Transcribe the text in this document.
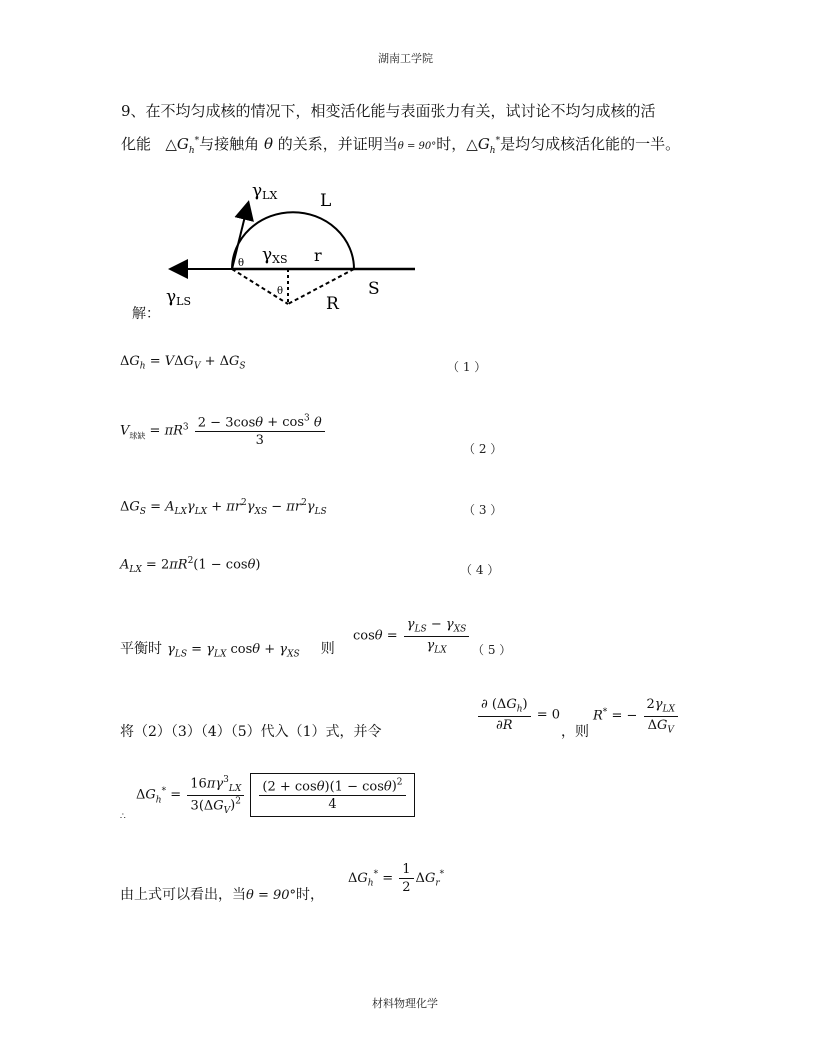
湖南工学院
9、在不均匀成核的情况下，相变活化能与表面张力有关，试讨论不均匀成核的活
化能   $\triangle G_h^*$与接触角 θ 的关系，并证明当θ = 90°时，$\triangle G_h^*$是均匀成核活化能的一半。
γLX	L
γXS r
θ
θ	S
R
γLS
解：
$\Delta G_h = V\Delta G_V + \Delta G_S$	（ 1 ）
$V_{球缺} = \pi R^3 \frac{2 - 3\cos\theta + \cos^3 \theta}{3}$
（ 2 ）
$\Delta G_S = A_{LX}\gamma_{LX} + \pi r^2\gamma_{XS} - \pi r^2\gamma_{LS}$	（ 3 ）
$A_{LX} = 2\pi R^2(1 - \cos\theta)$	（ 4 ）
平衡时 $\gamma_{LS} = \gamma_{LX}$ $\cos\theta + \gamma_{XS}$ 则
$\cos\theta = \frac{\gamma_{LS} - \gamma_{XS}}{\gamma_{LX}}$ （ 5 ）
将（2）（3）（4）（5）代入（1）式，并令	$\frac{\partial (\Delta G_h)}{\partial R} = 0$
，则
R* = − $\frac{2\gamma_{LX}}{\Delta G_V}$
$\Delta G_h^* = \frac{16\pi\gamma^3_{LX}}{3(\Delta G_V)^2}$
$\frac{(2 + \cos\theta)(1 - \cos\theta)^2}{4}$
∴
由上式可以看出，当θ = 90°时，
$\Delta G_h^* = \frac{1}{2} \Delta G_r^*$
材料物理化学
